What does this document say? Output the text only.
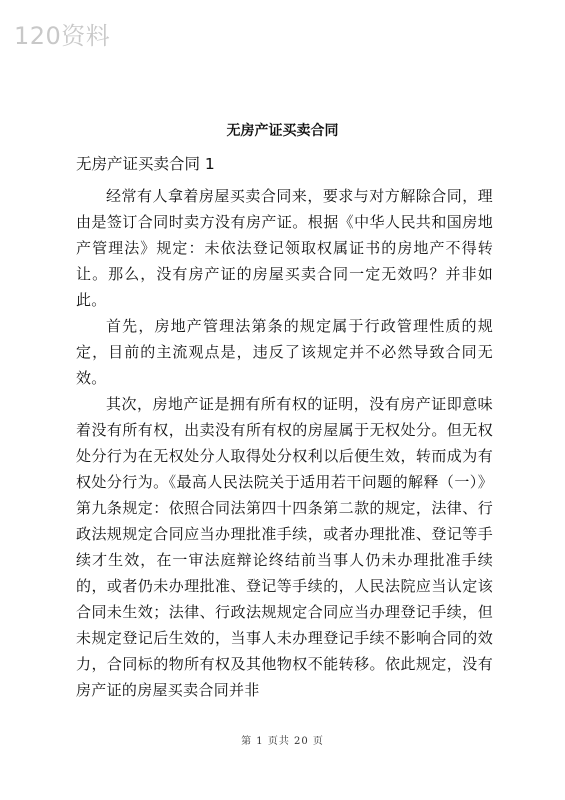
120资料
无房产证买卖合同
无房产证买卖合同 1

经常有人拿着房屋买卖合同来，要求与对方解除合同，理由是签订合同时卖方没有房产证。根据《中华人民共和国房地产管理法》规定：未依法登记领取权属证书的房地产不得转让。那么，没有房产证的房屋买卖合同一定无效吗？并非如此。

首先，房地产管理法第条的规定属于行政管理性质的规定，目前的主流观点是，违反了该规定并不必然导致合同无效。

其次，房地产证是拥有所有权的证明，没有房产证即意味着没有所有权，出卖没有所有权的房屋属于无权处分。但无权处分行为在无权处分人取得处分权利以后便生效，转而成为有权处分行为。《最高人民法院关于适用若干问题的解释（一）》第九条规定：依照合同法第四十四条第二款的规定，法律、行政法规规定合同应当办理批准手续，或者办理批准、登记等手续才生效，在一审法庭辩论终结前当事人仍未办理批准手续的，或者仍未办理批准、登记等手续的，人民法院应当认定该合同未生效；法律、行政法规规定合同应当办理登记手续，但未规定登记后生效的，当事人未办理登记手续不影响合同的效力，合同标的物所有权及其他物权不能转移。依此规定，没有房产证的房屋买卖合同并非

第 1 页共 20 页
